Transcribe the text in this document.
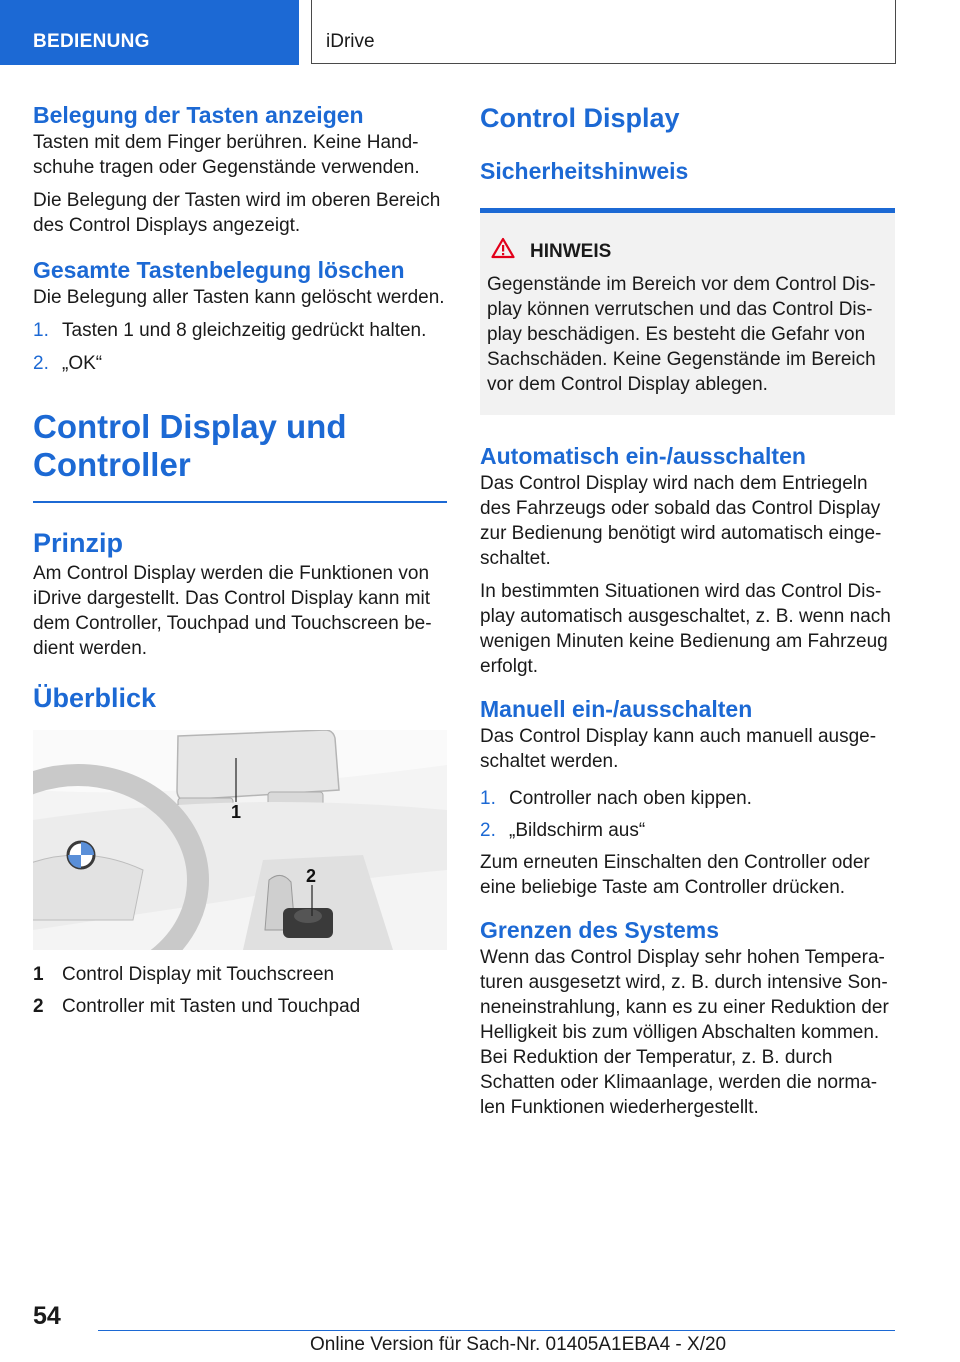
BEDIENUNG	iDrive
Belegung der Tasten anzeigen

Tasten mit dem Finger berühren. Keine Hand-schuhe tragen oder Gegenstände verwenden.

Die Belegung der Tasten wird im oberen Bereich des Control Displays angezeigt.

Gesamte Tastenbelegung löschen

Die Belegung aller Tasten kann gelöscht werden.

1. Tasten 1 und 8 gleichzeitig gedrückt halten.
2. „OK“
Control Display und Controller
Prinzip

Am Control Display werden die Funktionen von iDrive dargestellt. Das Control Display kann mit dem Controller, Touchpad und Touchscreen be-dient werden.

Überblick
1
2
1 Control Display mit Touchscreen
2 Controller mit Tasten und Touchpad
Control Display
Sicherheitshinweis
HINWEIS

Gegenstände im Bereich vor dem Control Dis-play können verrutschen und das Control Dis-play beschädigen. Es besteht die Gefahr von Sachschäden. Keine Gegenstände im Bereich vor dem Control Display ablegen.

Automatisch ein-/ausschalten

Das Control Display wird nach dem Entriegeln des Fahrzeugs oder sobald das Control Display zur Bedienung benötigt wird automatisch einge-schaltet.

In bestimmten Situationen wird das Control Dis-play automatisch ausgeschaltet, z. B. wenn nach wenigen Minuten keine Bedienung am Fahrzeug erfolgt.

Manuell ein-/ausschalten

Das Control Display kann auch manuell ausge-schaltet werden.

1. Controller nach oben kippen.
2. „Bildschirm aus“

Zum erneuten Einschalten den Controller oder eine beliebige Taste am Controller drücken.

Grenzen des Systems

Wenn das Control Display sehr hohen Tempera-turen ausgesetzt wird, z. B. durch intensive Son-neneinstrahlung, kann es zu einer Reduktion der Helligkeit bis zum völligen Abschalten kommen. Bei Reduktion der Temperatur, z. B. durch Schatten oder Klimaanlage, werden die norma-len Funktionen wiederhergestellt.

54
Online Version für Sach-Nr. 01405A1EBA4 - X/20
